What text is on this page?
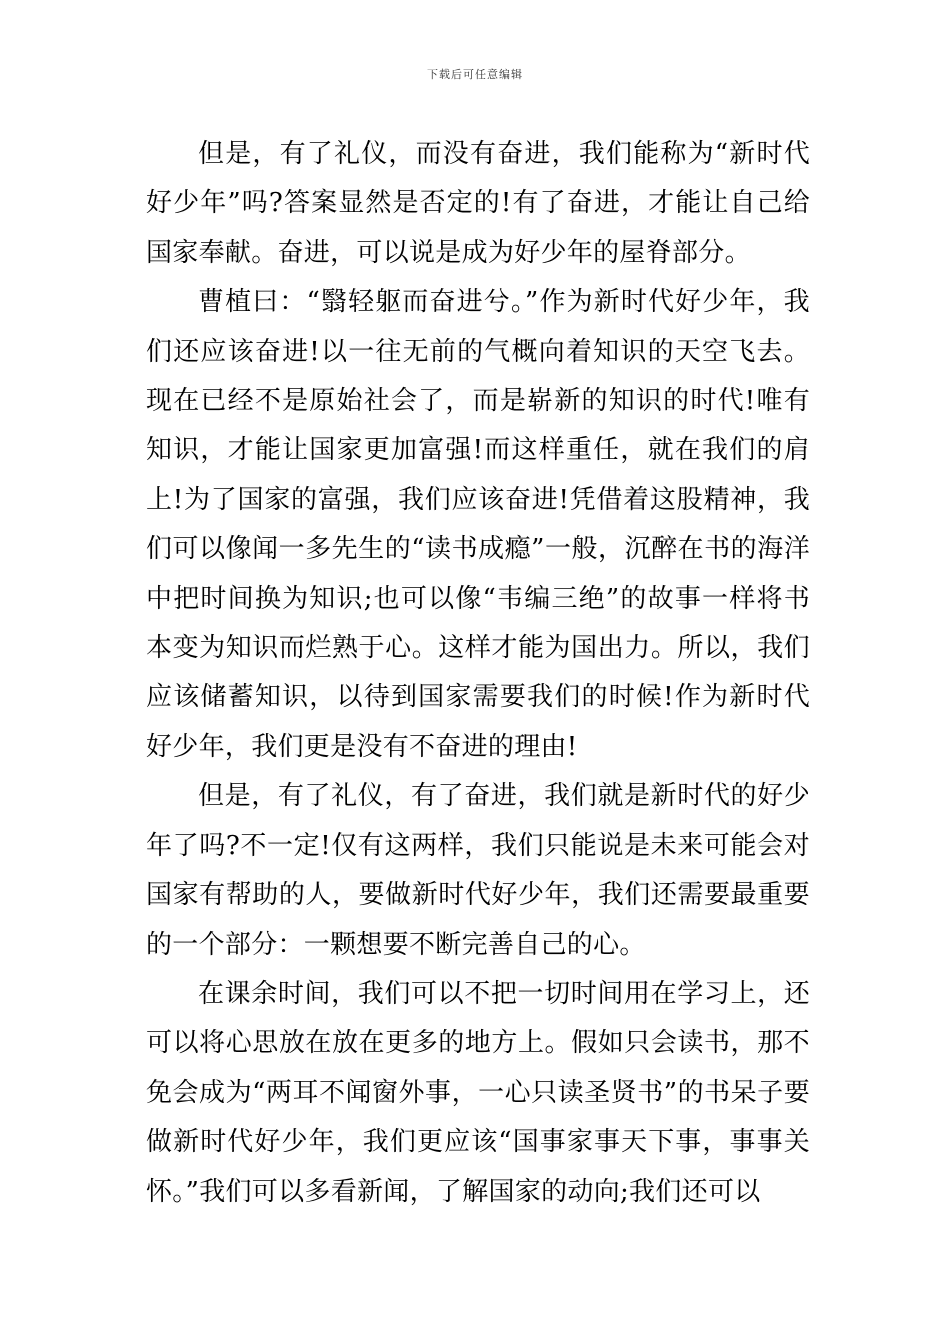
下载后可任意编辑

但是，有了礼仪，而没有奋进，我们能称为“新时代好少年”吗?答案显然是否定的!有了奋进，才能让自己给国家奉献。奋进，可以说是成为好少年的屋脊部分。

曹植曰：“翳轻躯而奋进兮。”作为新时代好少年，我们还应该奋进!以一往无前的气概向着知识的天空飞去。现在已经不是原始社会了，而是崭新的知识的时代!唯有知识，才能让国家更加富强!而这样重任，就在我们的肩上!为了国家的富强，我们应该奋进!凭借着这股精神，我们可以像闻一多先生的“读书成瘾”一般，沉醉在书的海洋中把时间换为知识;也可以像“韦编三绝”的故事一样将书本变为知识而烂熟于心。这样才能为国出力。所以，我们应该储蓄知识，以待到国家需要我们的时候!作为新时代好少年，我们更是没有不奋进的理由!

但是，有了礼仪，有了奋进，我们就是新时代的好少年了吗?不一定!仅有这两样，我们只能说是未来可能会对国家有帮助的人，要做新时代好少年，我们还需要最重要的一个部分：一颗想要不断完善自己的心。

在课余时间，我们可以不把一切时间用在学习上，还可以将心思放在放在更多的地方上。假如只会读书，那不免会成为“两耳不闻窗外事，一心只读圣贤书”的书呆子要做新时代好少年，我们更应该“国事家事天下事，事事关怀。”我们可以多看新闻，了解国家的动向;我们还可以
